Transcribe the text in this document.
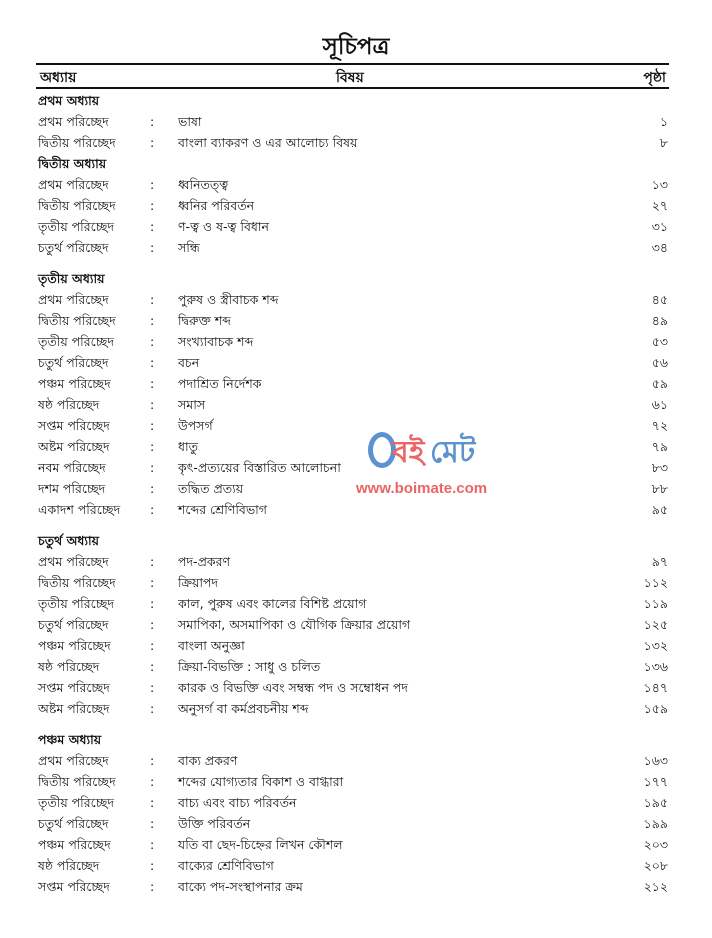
সূচিপত্র
অধ্যায়	বিষয়	পৃষ্ঠা
প্রথম অধ্যায়
প্রথম পরিচ্ছেদ	: ভাষা	১
দ্বিতীয় পরিচ্ছেদ	: বাংলা ব্যাকরণ ও এর আলোচ্য বিষয়	৮
দ্বিতীয় অধ্যায়
প্রথম পরিচ্ছেদ	: ধ্বনিতত্ত্ব	১৩
দ্বিতীয় পরিচ্ছেদ	: ধ্বনির পরিবর্তন	২৭
তৃতীয় পরিচ্ছেদ	: ণ-ত্ব ও ষ-ত্ব বিধান	৩১
চতুর্থ পরিচ্ছেদ	: সন্ধি	৩৪
তৃতীয় অধ্যায়
প্রথম পরিচ্ছেদ	: পুরুষ ও স্ত্রীবাচক শব্দ	৪৫
দ্বিতীয় পরিচ্ছেদ	: দ্বিরুক্ত শব্দ	৪৯
তৃতীয় পরিচ্ছেদ	: সংখ্যাবাচক শব্দ	৫৩
চতুর্থ পরিচ্ছেদ	: বচন	৫৬
পঞ্চম পরিচ্ছেদ	: পদাশ্রিত নির্দেশক	৫৯
ষষ্ঠ পরিচ্ছেদ	: সমাস	৬১
সপ্তম পরিচ্ছেদ	: উপসর্গ	৭২
অষ্টম পরিচ্ছেদ	: ধাতু	৭৯
নবম পরিচ্ছেদ	: কৃৎ-প্রত্যয়ের বিস্তারিত আলোচনা	৮৩
দশম পরিচ্ছেদ	: তদ্ধিত প্রত্যয়	৮৮
একাদশ পরিচ্ছেদ : শব্দের শ্রেণিবিভাগ	৯৫
চতুর্থ অধ্যায়
প্রথম পরিচ্ছেদ	: পদ-প্রকরণ	৯৭
দ্বিতীয় পরিচ্ছেদ	: ক্রিয়াপদ	১১২
তৃতীয় পরিচ্ছেদ	: কাল, পুরুষ এবং কালের বিশিষ্ট প্রয়োগ	১১৯
চতুর্থ পরিচ্ছেদ	: সমাপিকা, অসমাপিকা ও যৌগিক ক্রিয়ার প্রয়োগ	১২৫
পঞ্চম পরিচ্ছেদ	: বাংলা অনুজ্ঞা	১৩২
ষষ্ঠ পরিচ্ছেদ	: ক্রিয়া-বিভক্তি : সাধু ও চলিত	১৩৬
সপ্তম পরিচ্ছেদ	: কারক ও বিভক্তি এবং সম্বন্ধ পদ ও সম্বোধন পদ	১৪৭
অষ্টম পরিচ্ছেদ	: অনুসর্গ বা কর্মপ্রবচনীয় শব্দ	১৫৯
পঞ্চম অধ্যায়
প্রথম পরিচ্ছেদ	: বাক্য প্রকরণ	১৬৩
দ্বিতীয় পরিচ্ছেদ	: শব্দের যোগ্যতার বিকাশ ও বাগ্ধারা	১৭৭
তৃতীয় পরিচ্ছেদ	: বাচ্য এবং বাচ্য পরিবর্তন	১৯৫
চতুর্থ পরিচ্ছেদ	: উক্তি পরিবর্তন	১৯৯
পঞ্চম পরিচ্ছেদ	: যতি বা ছেদ-চিহ্নের লিখন কৌশল	২০৩
ষষ্ঠ পরিচ্ছেদ	: বাক্যের শ্রেণিবিভাগ	২০৮
সপ্তম পরিচ্ছেদ	: বাক্যে পদ-সংস্থাপনার ক্রম	২১২
বই মেট
www.boimate.com
